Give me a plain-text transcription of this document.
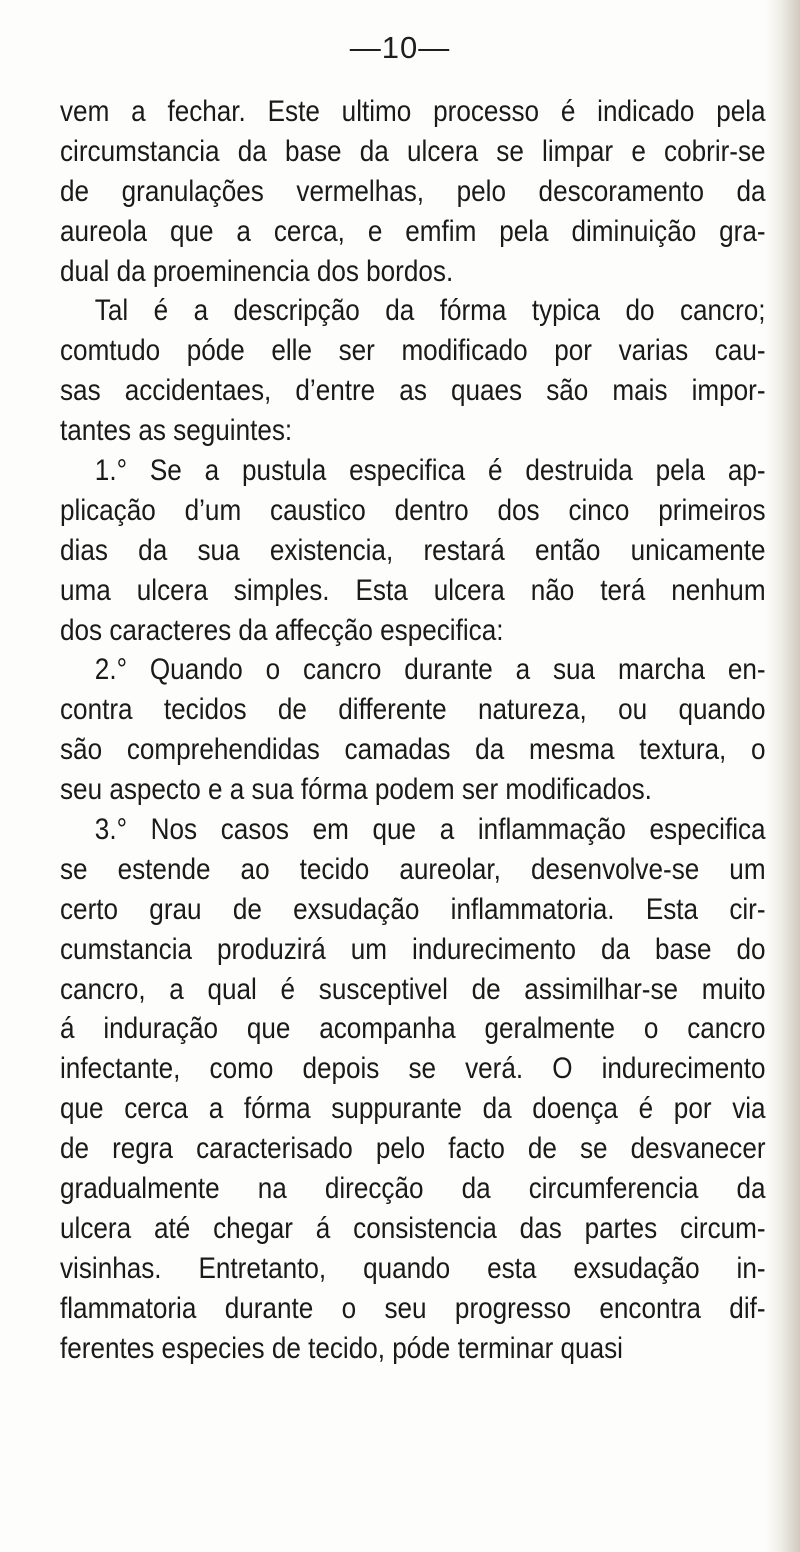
—10—
vem a fechar. Este ultimo processo é indicado pela
circumstancia da base da ulcera se limpar e cobrir-se
de granulações vermelhas, pelo descoramento da
aureola que a cerca, e emfim pela diminuição gra-
dual da proeminencia dos bordos.
Tal é a descripção da fórma typica do cancro;
comtudo póde elle ser modificado por varias cau-
sas accidentaes, d’entre as quaes são mais impor-
tantes as seguintes:
1.° Se a pustula especifica é destruida pela ap-
plicação d’um caustico dentro dos cinco primeiros
dias da sua existencia, restará então unicamente
uma ulcera simples. Esta ulcera não terá nenhum
dos caracteres da affecção especifica:
2.° Quando o cancro durante a sua marcha en-
contra tecidos de differente natureza, ou quando
são comprehendidas camadas da mesma textura, o
seu aspecto e a sua fórma podem ser modificados.
3.° Nos casos em que a inflammação especifica
se estende ao tecido aureolar, desenvolve-se um
certo grau de exsudação inflammatoria. Esta cir-
cumstancia produzirá um indurecimento da base do
cancro, a qual é susceptivel de assimilhar-se muito
á induração que acompanha geralmente o cancro
infectante, como depois se verá. O indurecimento
que cerca a fórma suppurante da doença é por via
de regra caracterisado pelo facto de se desvanecer
gradualmente na direcção da circumferencia da
ulcera até chegar á consistencia das partes circum-
visinhas. Entretanto, quando esta exsudação in-
flammatoria durante o seu progresso encontra dif-
ferentes especies de tecido, póde terminar quasi
